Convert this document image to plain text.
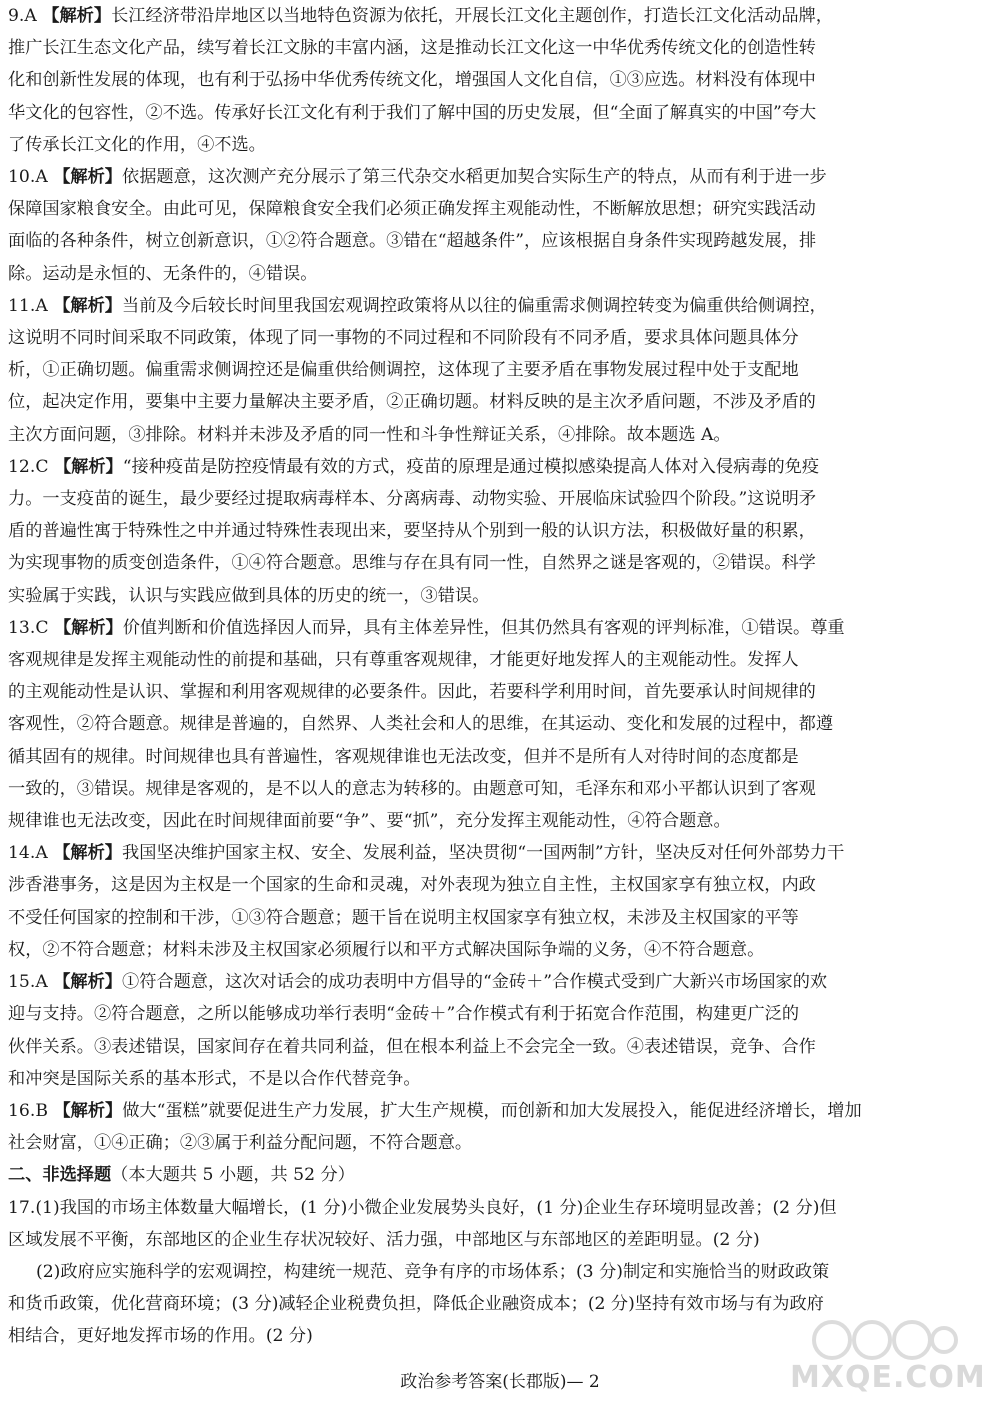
9.A 【解析】长江经济带沿岸地区以当地特色资源为依托，开展长江文化主题创作，打造长江文化活动品牌，
推广长江生态文化产品，续写着长江文脉的丰富内涵，这是推动长江文化这一中华优秀传统文化的创造性转
化和创新性发展的体现，也有利于弘扬中华优秀传统文化，增强国人文化自信，①③应选。材料没有体现中
华文化的包容性，②不选。传承好长江文化有利于我们了解中国的历史发展，但“全面了解真实的中国”夸大
了传承长江文化的作用，④不选。
10.A 【解析】依据题意，这次测产充分展示了第三代杂交水稻更加契合实际生产的特点，从而有利于进一步
保障国家粮食安全。由此可见，保障粮食安全我们必须正确发挥主观能动性，不断解放思想；研究实践活动
面临的各种条件，树立创新意识，①②符合题意。③错在“超越条件”，应该根据自身条件实现跨越发展，排
除。运动是永恒的、无条件的，④错误。
11.A 【解析】当前及今后较长时间里我国宏观调控政策将从以往的偏重需求侧调控转变为偏重供给侧调控，
这说明不同时间采取不同政策，体现了同一事物的不同过程和不同阶段有不同矛盾，要求具体问题具体分
析，①正确切题。偏重需求侧调控还是偏重供给侧调控，这体现了主要矛盾在事物发展过程中处于支配地
位，起决定作用，要集中主要力量解决主要矛盾，②正确切题。材料反映的是主次矛盾问题，不涉及矛盾的
主次方面问题，③排除。材料并未涉及矛盾的同一性和斗争性辩证关系，④排除。故本题选 A。
12.C 【解析】“接种疫苗是防控疫情最有效的方式，疫苗的原理是通过模拟感染提高人体对入侵病毒的免疫
力。一支疫苗的诞生，最少要经过提取病毒样本、分离病毒、动物实验、开展临床试验四个阶段。”这说明矛
盾的普遍性寓于特殊性之中并通过特殊性表现出来，要坚持从个别到一般的认识方法，积极做好量的积累，
为实现事物的质变创造条件，①④符合题意。思维与存在具有同一性，自然界之谜是客观的，②错误。科学
实验属于实践，认识与实践应做到具体的历史的统一，③错误。
13.C 【解析】价值判断和价值选择因人而异，具有主体差异性，但其仍然具有客观的评判标准，①错误。尊重
客观规律是发挥主观能动性的前提和基础，只有尊重客观规律，才能更好地发挥人的主观能动性。发挥人
的主观能动性是认识、掌握和利用客观规律的必要条件。因此，若要科学利用时间，首先要承认时间规律的
客观性，②符合题意。规律是普遍的，自然界、人类社会和人的思维，在其运动、变化和发展的过程中，都遵
循其固有的规律。时间规律也具有普遍性，客观规律谁也无法改变，但并不是所有人对待时间的态度都是
一致的，③错误。规律是客观的，是不以人的意志为转移的。由题意可知，毛泽东和邓小平都认识到了客观
规律谁也无法改变，因此在时间规律面前要“争”、要“抓”，充分发挥主观能动性，④符合题意。
14.A 【解析】我国坚决维护国家主权、安全、发展利益，坚决贯彻“一国两制”方针，坚决反对任何外部势力干
涉香港事务，这是因为主权是一个国家的生命和灵魂，对外表现为独立自主性，主权国家享有独立权，内政
不受任何国家的控制和干涉，①③符合题意；题干旨在说明主权国家享有独立权，未涉及主权国家的平等
权，②不符合题意；材料未涉及主权国家必须履行以和平方式解决国际争端的义务，④不符合题意。
15.A 【解析】①符合题意，这次对话会的成功表明中方倡导的“金砖＋”合作模式受到广大新兴市场国家的欢
迎与支持。②符合题意，之所以能够成功举行表明“金砖＋”合作模式有利于拓宽合作范围，构建更广泛的
伙伴关系。③表述错误，国家间存在着共同利益，但在根本利益上不会完全一致。④表述错误，竞争、合作
和冲突是国际关系的基本形式，不是以合作代替竞争。
16.B 【解析】做大“蛋糕”就要促进生产力发展，扩大生产规模，而创新和加大发展投入，能促进经济增长，增加
社会财富，①④正确；②③属于利益分配问题，不符合题意。
二、非选择题（本大题共 5 小题，共 52 分）
17.(1)我国的市场主体数量大幅增长，(1 分)小微企业发展势头良好，(1 分)企业生存环境明显改善；(2 分)但
区域发展不平衡，东部地区的企业生存状况较好、活力强，中部地区与东部地区的差距明显。(2 分)
(2)政府应实施科学的宏观调控，构建统一规范、竞争有序的市场体系；(3 分)制定和实施恰当的财政政策
和货币政策，优化营商环境；(3 分)减轻企业税费负担，降低企业融资成本；(2 分)坚持有效市场与有为政府
相结合，更好地发挥市场的作用。(2 分)
政治参考答案(长郡版)— 2	MXQE.COM
